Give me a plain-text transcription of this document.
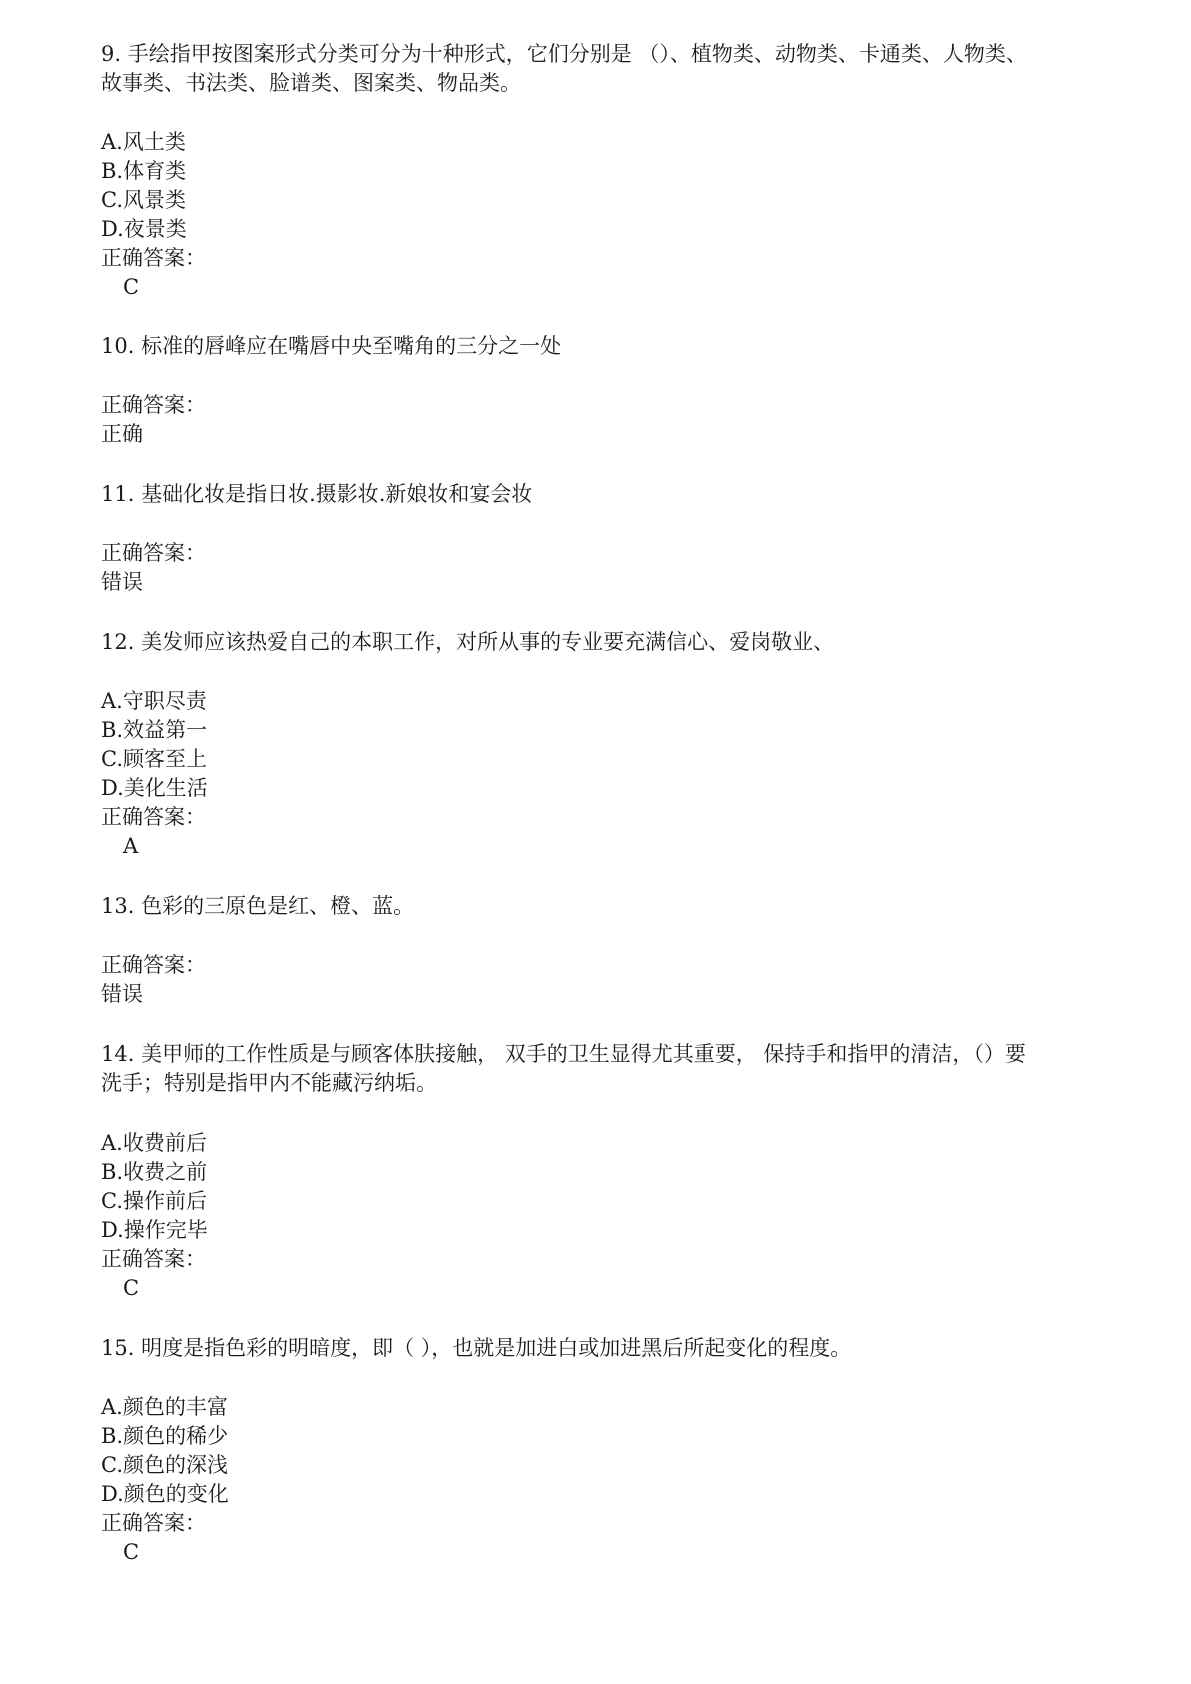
9. 手绘指甲按图案形式分类可分为十种形式，它们分别是 （）、植物类、动物类、卡通类、人物类、
故事类、书法类、脸谱类、图案类、物品类。
A.风土类
B.体育类
C.风景类
D.夜景类
正确答案：
C
10. 标准的唇峰应在嘴唇中央至嘴角的三分之一处
正确答案：
正确
11. 基础化妆是指日妆.摄影妆.新娘妆和宴会妆
正确答案：
错误
12. 美发师应该热爱自己的本职工作，对所从事的专业要充满信心、爱岗敬业、
A.守职尽责
B.效益第一
C.顾客至上
D.美化生活
正确答案：
A
13. 色彩的三原色是红、橙、蓝。
正确答案：
错误
14. 美甲师的工作性质是与顾客体肤接触， 双手的卫生显得尤其重要， 保持手和指甲的清洁，（）要
洗手；特别是指甲内不能藏污纳垢。
A.收费前后
B.收费之前
C.操作前后
D.操作完毕
正确答案：
C
15. 明度是指色彩的明暗度，即（ ），也就是加进白或加进黑后所起变化的程度。
A.颜色的丰富
B.颜色的稀少
C.颜色的深浅
D.颜色的变化
正确答案：
C
